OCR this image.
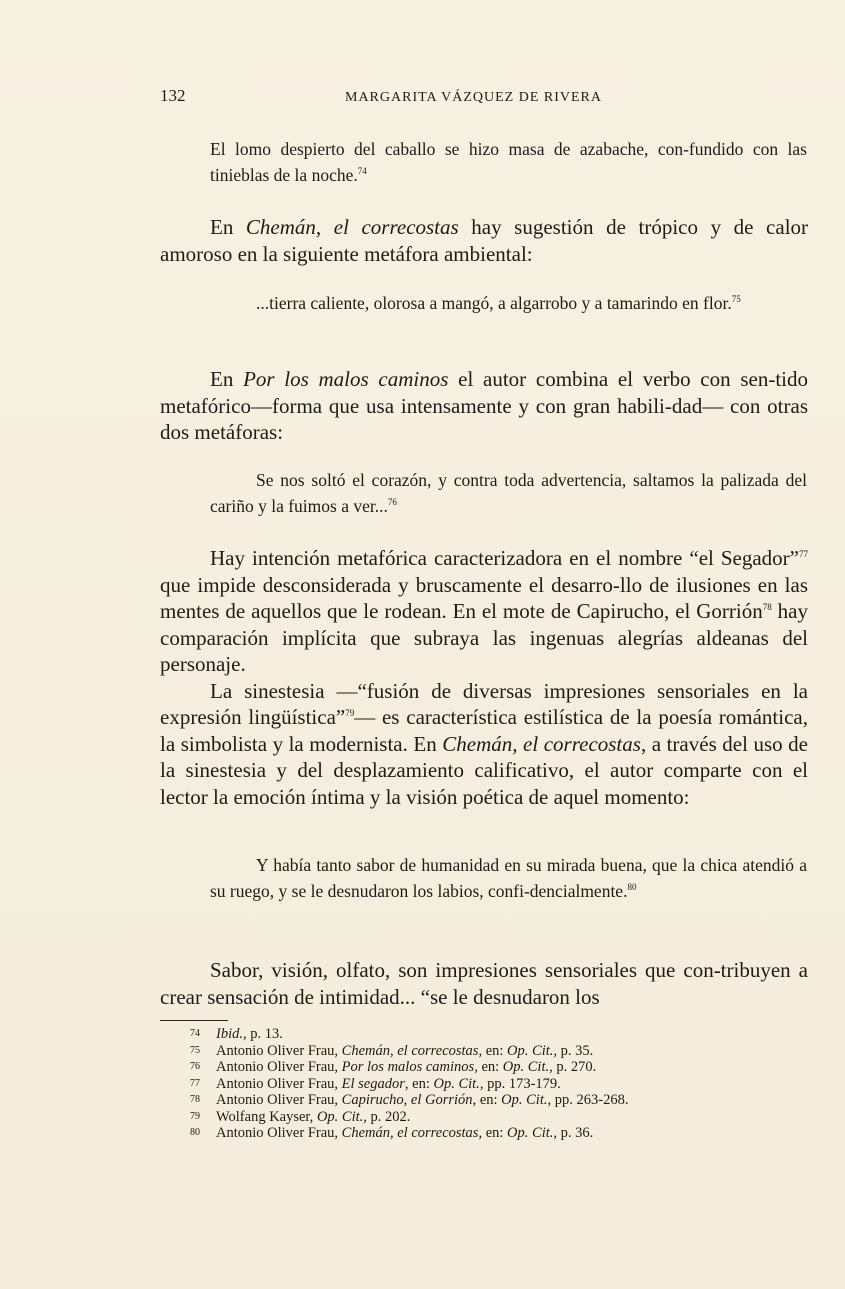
132	MARGARITA VÁZQUEZ DE RIVERA

El lomo despierto del caballo se hizo masa de azabache, con-fundido con las tinieblas de la noche.$^{74}$

En Chemán, el correcostas hay sugestión de trópico y de calor amoroso en la siguiente metáfora ambiental:

...tierra caliente, olorosa a mangó, a algarrobo y a tamarindo en flor.$^{75}$

En Por los malos caminos el autor combina el verbo con sen-tido metafórico—forma que usa intensamente y con gran habili-dad— con otras dos metáforas:

Se nos soltó el corazón, y contra toda advertencia, saltamos la palizada del cariño y la fuimos a ver...$^{76}$

Hay intención metafórica caracterizadora en el nombre “el Segador”$^{77}$ que impide desconsiderada y bruscamente el desarro-llo de ilusiones en las mentes de aquellos que le rodean. En el mote de Capirucho, el Gorrión$^{78}$ hay comparación implícita que subraya las ingenuas alegrías aldeanas del personaje.

La sinestesia —“fusión de diversas impresiones sensoriales en la expresión lingüística”$^{79}$— es característica estilística de la poesía romántica, la simbolista y la modernista. En Chemán, el correcostas, a través del uso de la sinestesia y del desplazamiento calificativo, el autor comparte con el lector la emoción íntima y la visión poética de aquel momento:

Y había tanto sabor de humanidad en su mirada buena, que la chica atendió a su ruego, y se le desnudaron los labios, confi-dencialmente.$^{80}$

Sabor, visión, olfato, son impresiones sensoriales que con-tribuyen a crear sensación de intimidad... “se le desnudaron los

74 Ibid., p. 13.
75 Antonio Oliver Frau, Chemán, el correcostas, en: Op. Cit., p. 35.
76 Antonio Oliver Frau, Por los malos caminos, en: Op. Cit., p. 270.
77 Antonio Oliver Frau, El segador, en: Op. Cit., pp. 173-179.
78 Antonio Oliver Frau, Capirucho, el Gorrión, en: Op. Cit., pp. 263-268.
79 Wolfang Kayser, Op. Cit., p. 202.
80 Antonio Oliver Frau, Chemán, el correcostas, en: Op. Cit., p. 36.
